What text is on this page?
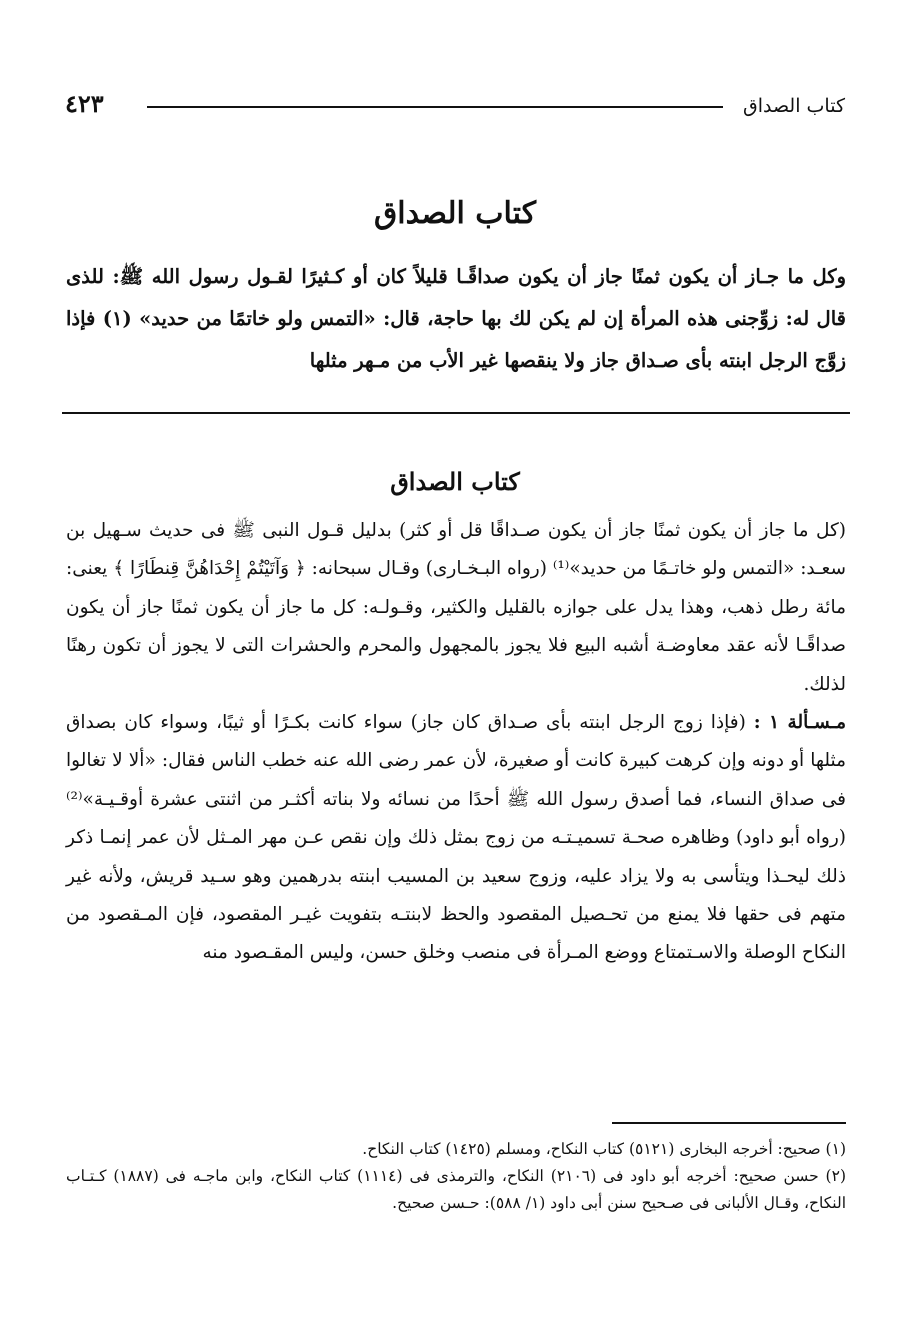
كتاب الصداق
٤٢٣
كتاب الصداق
وكل ما جـاز أن يكون ثمنًا جاز أن يكون صداقًـا قليلاً كان أو كـثيرًا لقـول رسول الله ﷺ: للذى قال له: زوِّجنى هذه المرأة إن لم يكن لك بها حاجة، قال: «التمس ولو خاتمًا من حديد» (١) فإذا زوَّج الرجل ابنته بأى صـداق جاز ولا ينقصها غير الأب من مـهر مثلها
كتاب الصداق

(كل ما جاز أن يكون ثمنًا جاز أن يكون صـداقًا قل أو كثر) بدليل قـول النبى ﷺ فى حديث سـهيل بن سعـد: «التمس ولو خاتـمًا من حديد»⁽¹⁾ (رواه البـخـارى) وقـال سبحانه: ﴿ وَآتَيْتُمْ إِحْدَاهُنَّ قِنطَارًا ﴾ يعنى: مائة رطل ذهب، وهذا يدل على جوازه بالقليل والكثير، وقـولـه: كل ما جاز أن يكون ثمنًا جاز أن يكون صداقًـا لأنه عقد معاوضـة أشبه البيع فلا يجوز بالمجهول والمحرم والحشرات التى لا يجوز أن تكون رهنًا لذلك.

مـسـألة ١ : (فإذا زوج الرجل ابنته بأى صـداق كان جاز) سواء كانت بكـرًا أو ثيبًا، وسواء كان بصداق مثلها أو دونه وإن كرهت كبيرة كانت أو صغيرة، لأن عمر رضى الله عنه خطب الناس فقال: «ألا لا تغالوا فى صداق النساء، فما أصدق رسول الله ﷺ أحدًا من نسائه ولا بناته أكثـر من اثنتى عشرة أوقـيـة»⁽²⁾ (رواه أبو داود) وظاهره صحـة تسميـتـه من زوج بمثل ذلك وإن نقص عـن مهر المـثل لأن عمر إنمـا ذكر ذلك ليحـذا ويتأسى به ولا يزاد عليه، وزوج سعيد بن المسيب ابنته بدرهمين وهو سـيد قريش، ولأنه غير متهم فى حقها فلا يمنع من تحـصيل المقصود والحظ لابنتـه بتفويت غيـر المقصود، فإن المـقصود من النكاح الوصلة والاسـتمتاع ووضع المـرأة فى منصب وخلق حسن، وليس المقـصود منه

(١) صحيح: أخرجه البخارى (٥١٢١) كتاب النكاح، ومسلم (١٤٢٥) كتاب النكاح.

(٢) حسن صحيح: أخرجه أبو داود فى (٢١٠٦) النكاح، والترمذى فى (١١١٤) كتاب النكاح، وابن ماجـه فى (١٨٨٧) كـتـاب النكاح، وقـال الألبانى فى صـحيح سنن أبى داود (١/ ٥٨٨): حـسن صحيح.
